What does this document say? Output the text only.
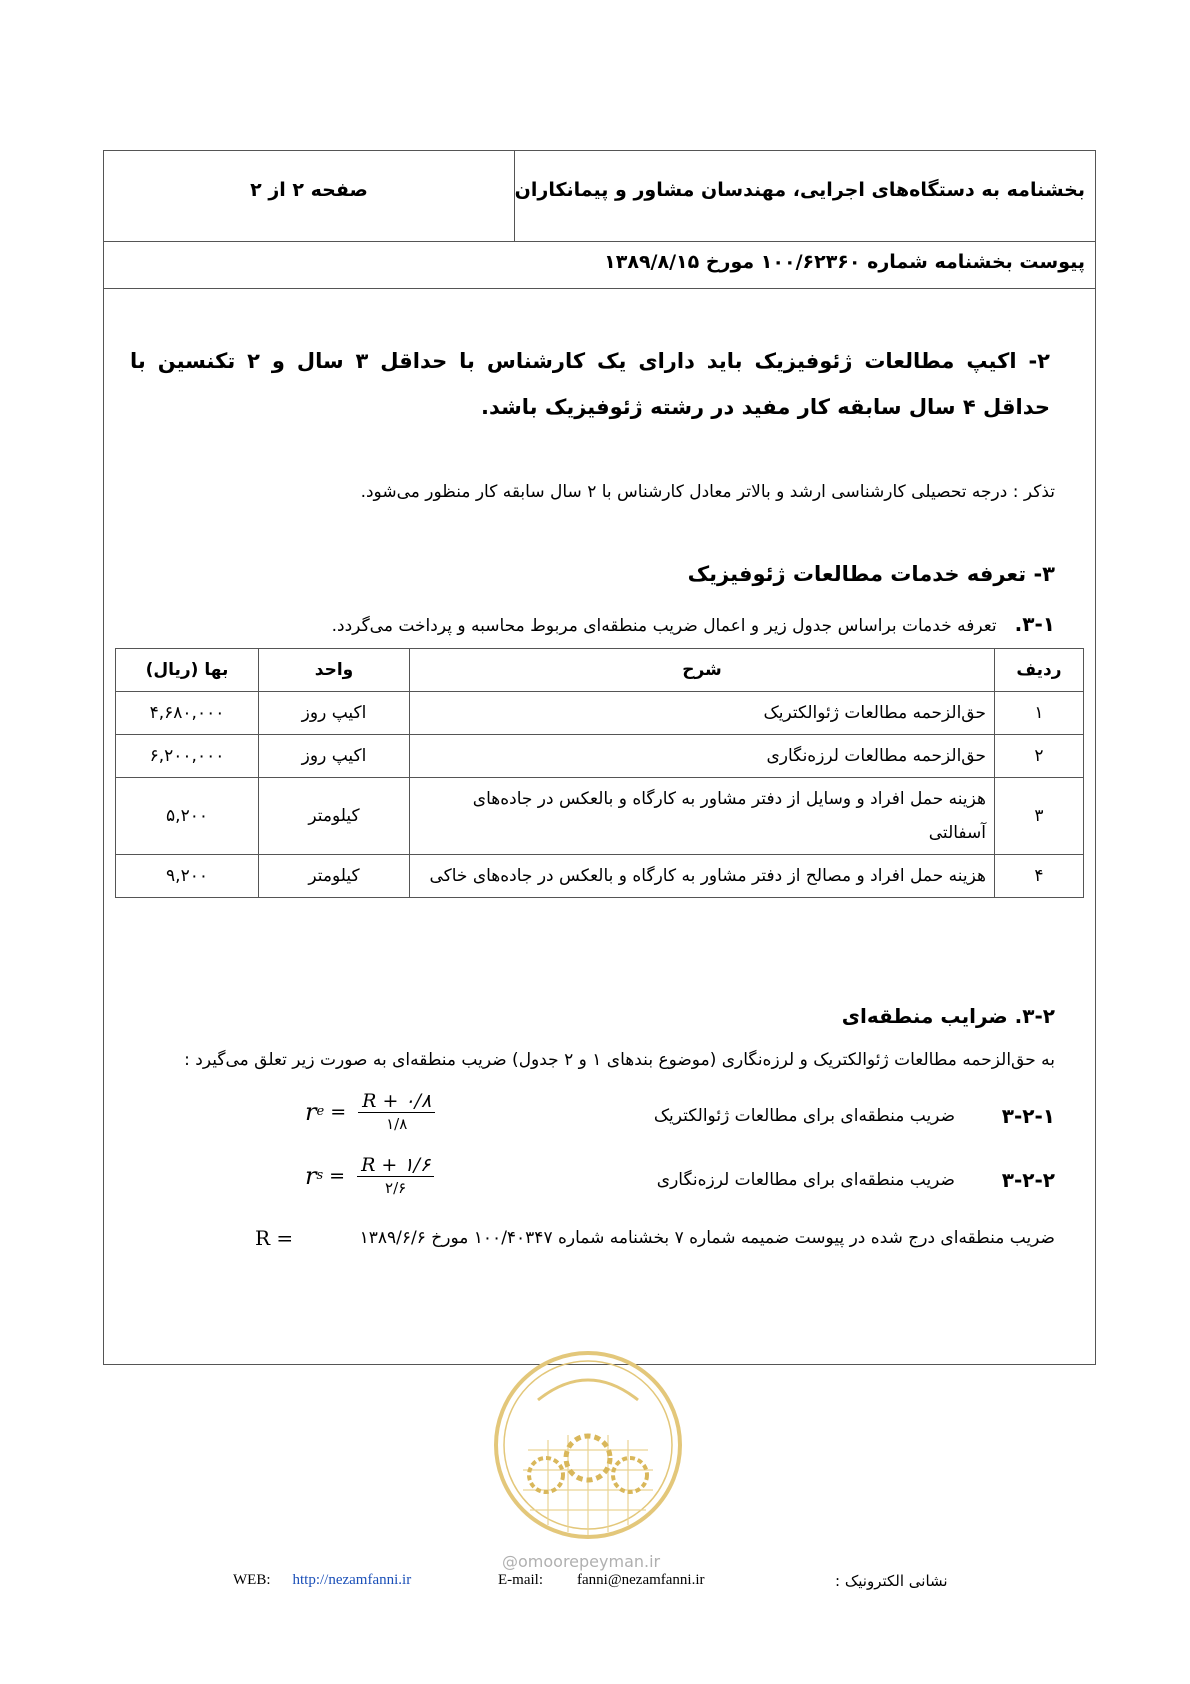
بخشنامه به دستگاه‌های اجرایی، مهندسان مشاور و پیمانکاران
صفحه ۲ از ۲
پیوست بخشنامه شماره ۱۰۰/۶۲۳۶۰ مورخ ۱۳۸۹/۸/۱۵
۲- اکیپ مطالعات ژئوفیزیک باید دارای یک کارشناس با حداقل ۳ سال و ۲ تکنسین با حداقل ۴ سال سابقه کار مفید در رشته ژئوفیزیک باشد.
تذکر : درجه تحصیلی کارشناسی ارشد و بالاتر معادل کارشناس با ۲ سال سابقه کار منظور می‌شود.
۳- تعرفه خدمات مطالعات ژئوفیزیک
۳-۱.تعرفه خدمات براساس جدول زیر و اعمال ضریب منطقه‌ای مربوط محاسبه و پرداخت می‌گردد.
ردیف	شرح	واحد	بها (ریال)
۱	حق‌الزحمه مطالعات ژئوالکتریک	اکیپ روز	۴,۶۸۰,۰۰۰
۲	حق‌الزحمه مطالعات لرزه‌نگاری	اکیپ روز	۶,۲۰۰,۰۰۰
۳	هزینه حمل افراد و وسایل از دفتر مشاور به کارگاه و بالعکس در جاده‌های آسفالتی	کیلومتر	۵,۲۰۰
۴	هزینه حمل افراد و مصالح از دفتر مشاور به کارگاه و بالعکس در جاده‌های خاکی	کیلومتر	۹,۲۰۰
۳-۲. ضرایب منطقه‌ای
به حق‌الزحمه مطالعات ژئوالکتریک و لرزه‌نگاری (موضوع بندهای ۱ و ۲ جدول) ضریب منطقه‌ای به صورت زیر تعلق می‌گیرد :
۳-۲-۱
ضریب منطقه‌ای برای مطالعات ژئوالکتریک
r $e = \frac{R + ۰/۸}{۱/۸}$
۳-۲-۲
ضریب منطقه‌ای برای مطالعات لرزه‌نگاری
r $s = \frac{R + ۱/۶}{۲/۶}$
ضریب منطقه‌ای درج شده در پیوست ضمیمه شماره ۷ بخشنامه شماره ۱۰۰/۴۰۳۴۷ مورخ ۱۳۸۹/۶/۶
R =
@omoorepeyman.ir
WEB: http://nezamfanni.ir	E-mail: fanni@nezamfanni.ir	نشانی الکترونیک :
